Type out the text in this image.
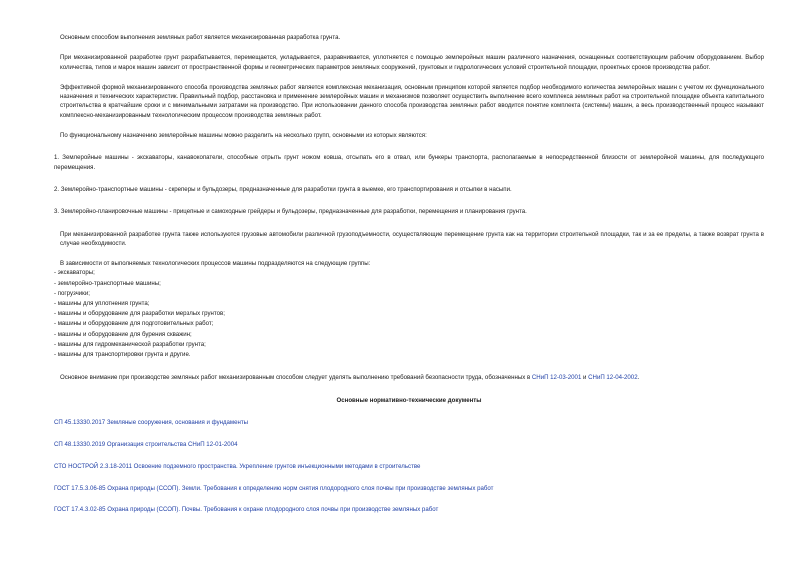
Основным способом выполнения земляных работ является механизированная разработка грунта.

При механизированной разработке грунт разрабатывается, перемещается, укладывается, разравнивается, уплотняется с помощью землеройных машин различного назначения, оснащенных соответствующим рабочим оборудованием. Выбор количества, типов и марок машин зависит от пространственной формы и геометрических параметров земляных сооружений, грунтовых и гидрологических условий строительной площадки, проектных сроков производства работ.

Эффективной формой механизированного способа производства земляных работ является комплексная механизация, основным принципом которой является подбор необходимого количества землеройных машин с учетом их функционального назначения и технических характеристик. Правильный подбор, расстановка и применение землеройных машин и механизмов позволяет осуществить выполнение всего комплекса земляных работ на строительной площадке объекта капитального строительства в кратчайшие сроки и с минимальными затратами на производство. При использовании данного способа производства земляных работ вводится понятие комплекта (системы) машин, а весь производственный процесс называют комплексно-механизированным технологическим процессом производства земляных работ.

По функциональному назначению землеройные машины можно разделить на несколько групп, основными из которых являются:

1. Землеройные машины - экскаваторы, канавокопатели, способные отрыть грунт ножом ковша, отсыпать его в отвал, или бункеры транспорта, располагаемые в непосредственной близости от землеройной машины, для последующего перемещения.

2. Землеройно-транспортные машины - скреперы и бульдозеры, предназначенные для разработки грунта в выемке, его транспортирования и отсыпки в насыпи.

3. Землеройно-планировочные машины - прицепные и самоходные грейдеры и бульдозеры, предназначенные для разработки, перемещения и планирования грунта.

При механизированной разработке грунта также используются грузовые автомобили различной грузоподъемности, осуществляющие перемещение грунта как на территории строительной площадки, так и за ее пределы, а также возврат грунта в случае необходимости.

В зависимости от выполняемых технологических процессов машины подразделяются на следующие группы:

- экскаваторы;
- землеройно-транспортные машины;
- погрузчики;
- машины для уплотнения грунта;
- машины и оборудование для разработки мерзлых грунтов;
- машины и оборудование для подготовительных работ;
- машины и оборудование для бурения скважин;
- машины для гидромеханической разработки грунта;
- машины для транспортировки грунта и другие.

Основное внимание при производстве земляных работ механизированным способом следует уделять выполнению требований безопасности труда, обозначенных в СНиП 12-03-2001 и СНиП 12-04-2002.

Основные нормативно-технические документы

СП 45.13330.2017 Земляные сооружения, основания и фундаменты

СП 48.13330.2019 Организация строительства СНиП 12-01-2004

СТО НОСТРОЙ 2.3.18-2011 Освоение подземного пространства. Укрепление грунтов инъекционными методами в строительстве

ГОСТ 17.5.3.06-85 Охрана природы (ССОП). Земли. Требования к определению норм снятия плодородного слоя почвы при производстве земляных работ

ГОСТ 17.4.3.02-85 Охрана природы (ССОП). Почвы. Требования к охране плодородного слоя почвы при производстве земляных работ
